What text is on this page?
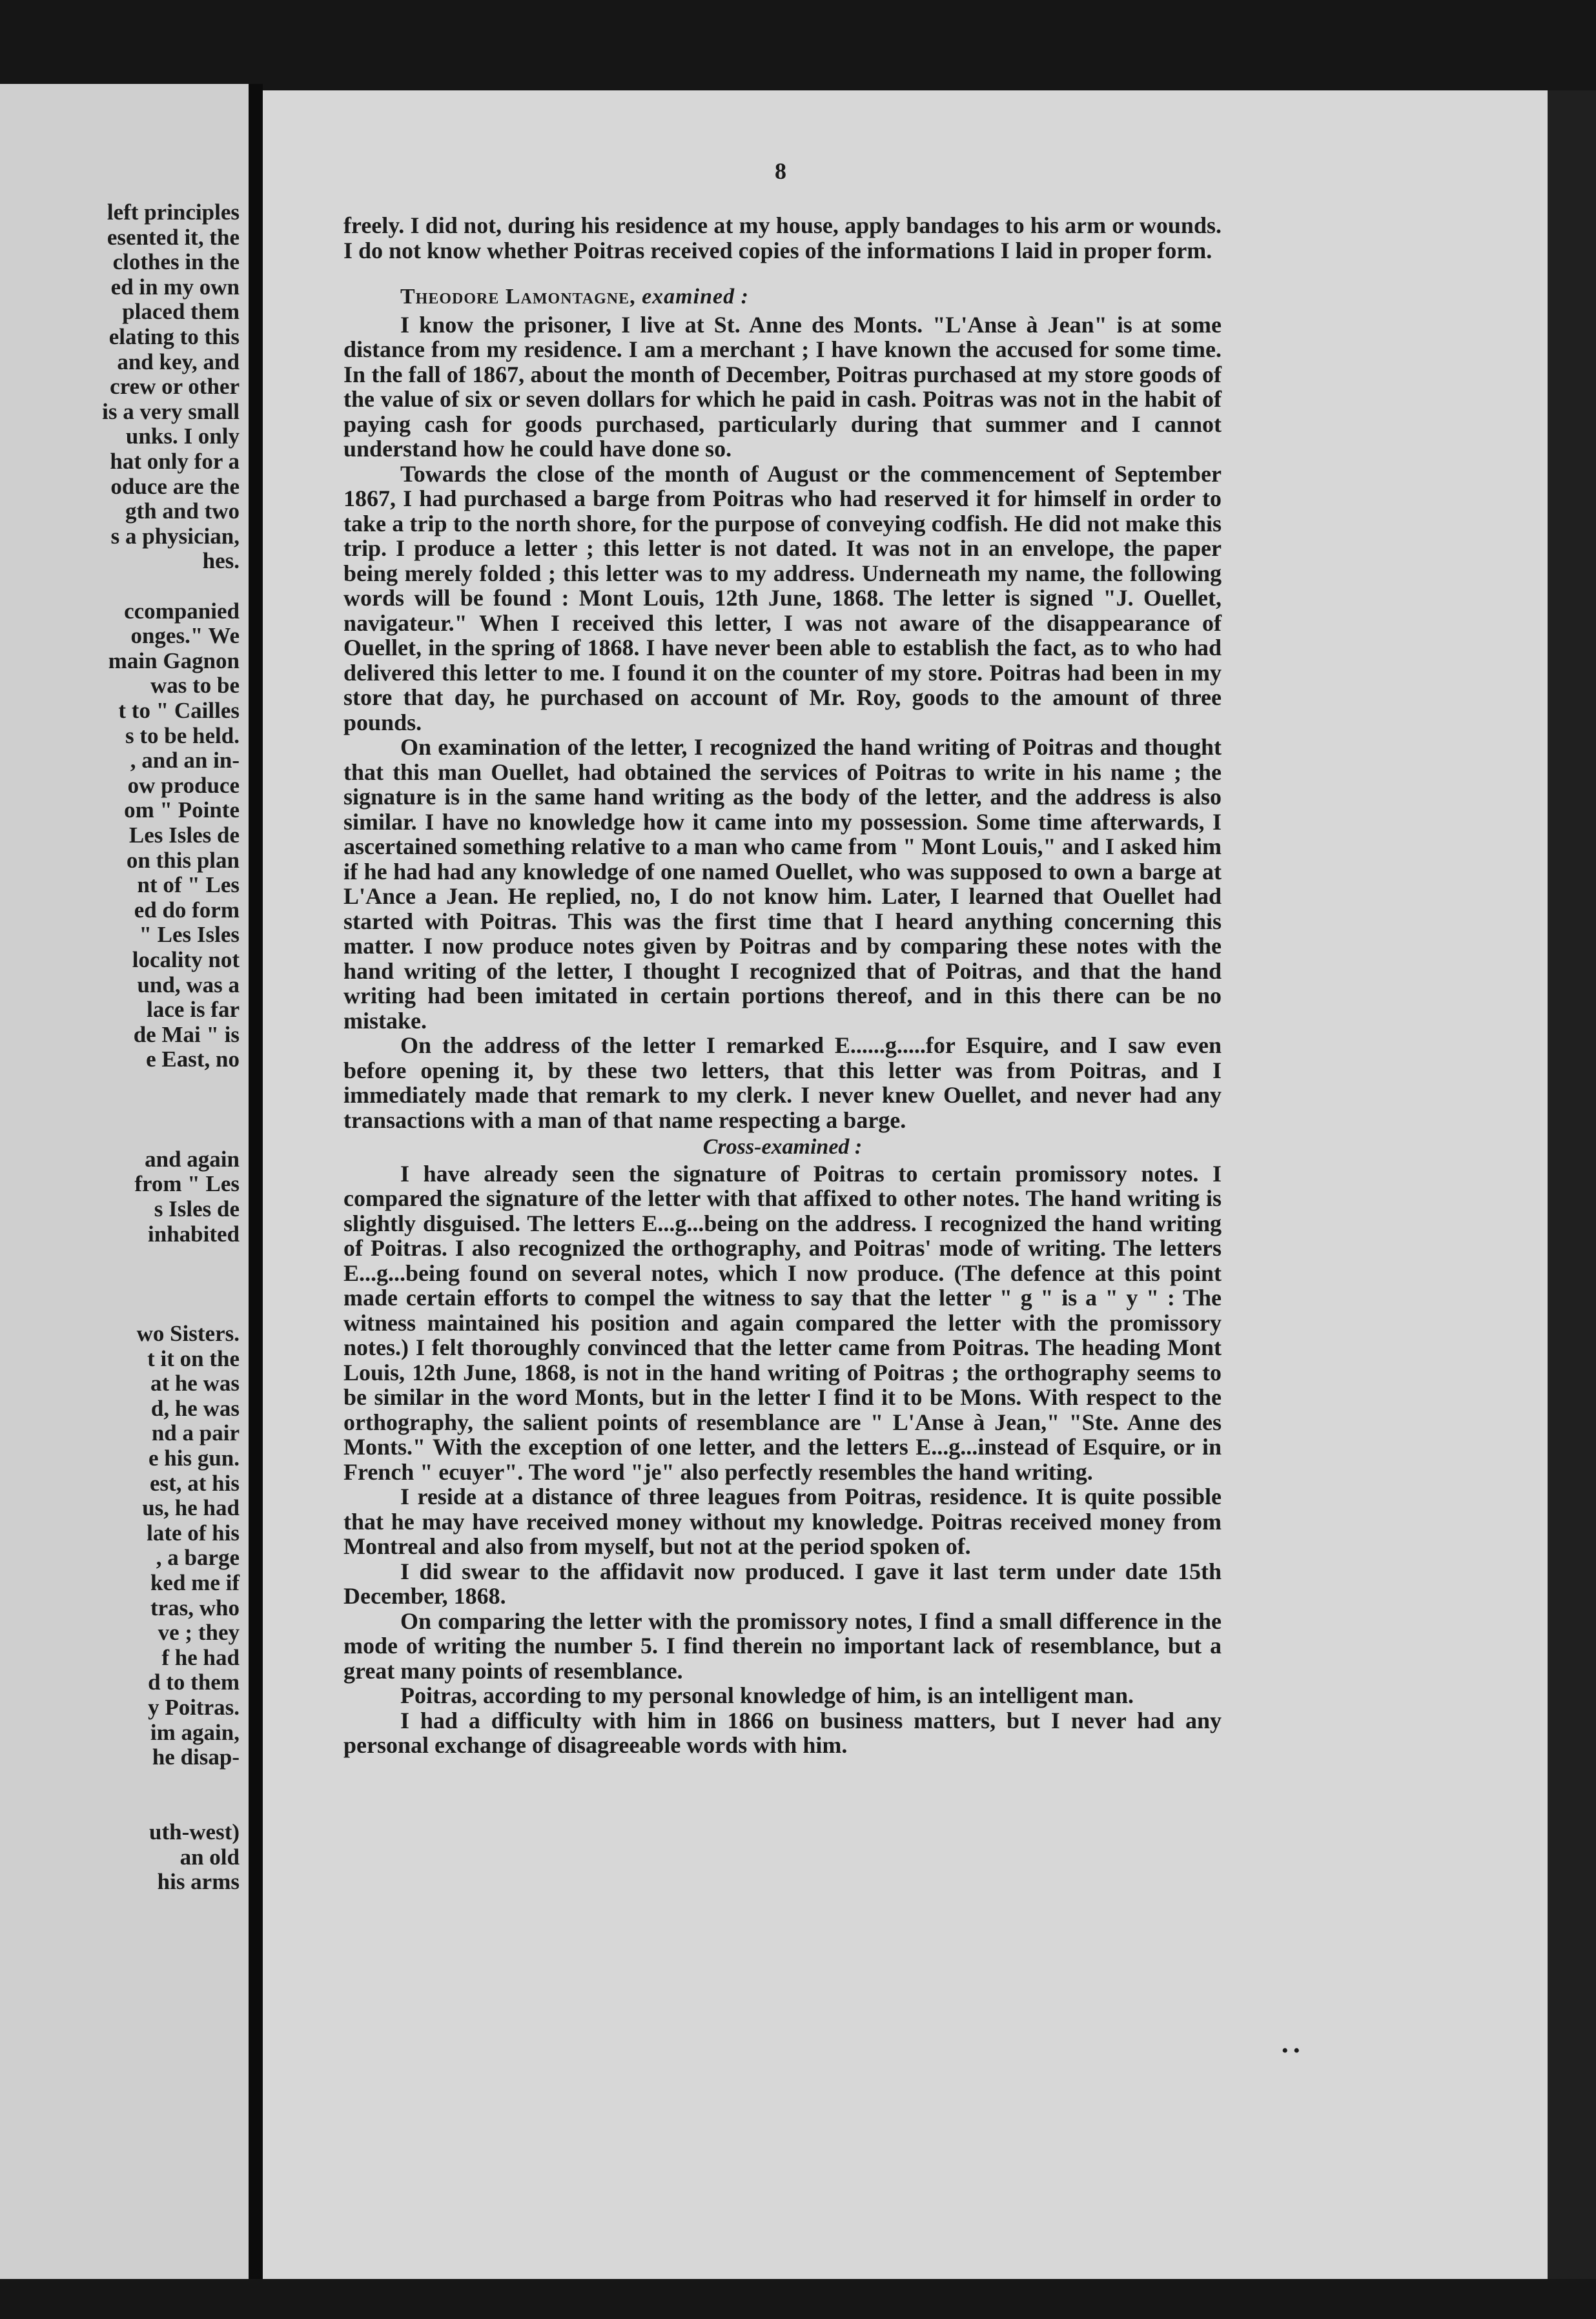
left principles
esented it, the
clothes in the
ed in my own
placed them
elating to this
and key, and
crew or other
is a very small
unks. I only
hat only for a
oduce are the
gth and two
s a physician,
hes.
ccompanied
onges." We
main Gagnon
was to be
t to " Cailles
s to be held.
, and an in-
ow produce
om " Pointe
Les Isles de
on this plan
nt of " Les
ed do form
" Les Isles
locality not
und, was a
lace is far
de Mai " is
e East, no
and again
from " Les
s Isles de
inhabited
wo Sisters.
t it on the
at he was
d, he was
nd a pair
e his gun.
est, at his
us, he had
late of his
, a barge
ked me if
tras, who
ve ; they
f he had
d to them
y Poitras.
im again,
he disap-
uth-west)
an old
his arms
8

freely. I did not, during his residence at my house, apply bandages to his arm or wounds. I do not know whether Poitras received copies of the informations I laid in proper form.

Theodore Lamontagne, examined :

I know the prisoner, I live at St. Anne des Monts. "L'Anse à Jean" is at some distance from my residence. I am a merchant ; I have known the accused for some time. In the fall of 1867, about the month of December, Poitras purchased at my store goods of the value of six or seven dollars for which he paid in cash. Poitras was not in the habit of paying cash for goods purchased, particularly during that summer and I cannot understand how he could have done so.

Towards the close of the month of August or the commencement of September 1867, I had purchased a barge from Poitras who had reserved it for himself in order to take a trip to the north shore, for the purpose of conveying codfish. He did not make this trip. I produce a letter ; this letter is not dated. It was not in an envelope, the paper being merely folded ; this letter was to my address. Underneath my name, the following words will be found : Mont Louis, 12th June, 1868. The letter is signed "J. Ouellet, navigateur." When I received this letter, I was not aware of the disappearance of Ouellet, in the spring of 1868. I have never been able to establish the fact, as to who had delivered this letter to me. I found it on the counter of my store. Poitras had been in my store that day, he purchased on account of Mr. Roy, goods to the amount of three pounds.

On examination of the letter, I recognized the hand writing of Poitras and thought that this man Ouellet, had obtained the services of Poitras to write in his name ; the signature is in the same hand writing as the body of the letter, and the address is also similar. I have no knowledge how it came into my possession. Some time afterwards, I ascertained something relative to a man who came from " Mont Louis," and I asked him if he had had any knowledge of one named Ouellet, who was supposed to own a barge at L'Ance a Jean. He replied, no, I do not know him. Later, I learned that Ouellet had started with Poitras. This was the first time that I heard anything concerning this matter. I now produce notes given by Poitras and by comparing these notes with the hand writing of the letter, I thought I recognized that of Poitras, and that the hand writing had been imitated in certain portions thereof, and in this there can be no mistake.

On the address of the letter I remarked E......g.....for Esquire, and I saw even before opening it, by these two letters, that this letter was from Poitras, and I immediately made that remark to my clerk. I never knew Ouellet, and never had any transactions with a man of that name respecting a barge.

Cross-examined :

I have already seen the signature of Poitras to certain promissory notes. I compared the signature of the letter with that affixed to other notes. The hand writing is slightly disguised. The letters E...g...being on the address. I recognized the hand writing of Poitras. I also recognized the orthography, and Poitras' mode of writing. The letters E...g...being found on several notes, which I now produce. (The defence at this point made certain efforts to compel the witness to say that the letter " g " is a " y " : The witness maintained his position and again compared the letter with the promissory notes.) I felt thoroughly convinced that the letter came from Poitras. The heading Mont Louis, 12th June, 1868, is not in the hand writing of Poitras ; the orthography seems to be similar in the word Monts, but in the letter I find it to be Mons. With respect to the orthography, the salient points of resemblance are " L'Anse à Jean," "Ste. Anne des Monts." With the exception of one letter, and the letters E...g...instead of Esquire, or in French " ecuyer". The word "je" also perfectly resembles the hand writing.

I reside at a distance of three leagues from Poitras, residence. It is quite possible that he may have received money without my knowledge. Poitras received money from Montreal and also from myself, but not at the period spoken of.

I did swear to the affidavit now produced. I gave it last term under date 15th December, 1868.

On comparing the letter with the promissory notes, I find a small difference in the mode of writing the number 5. I find therein no important lack of resemblance, but a great many points of resemblance.

Poitras, according to my personal knowledge of him, is an intelligent man.

I had a difficulty with him in 1866 on business matters, but I never had any personal exchange of disagreeable words with him.

• •
